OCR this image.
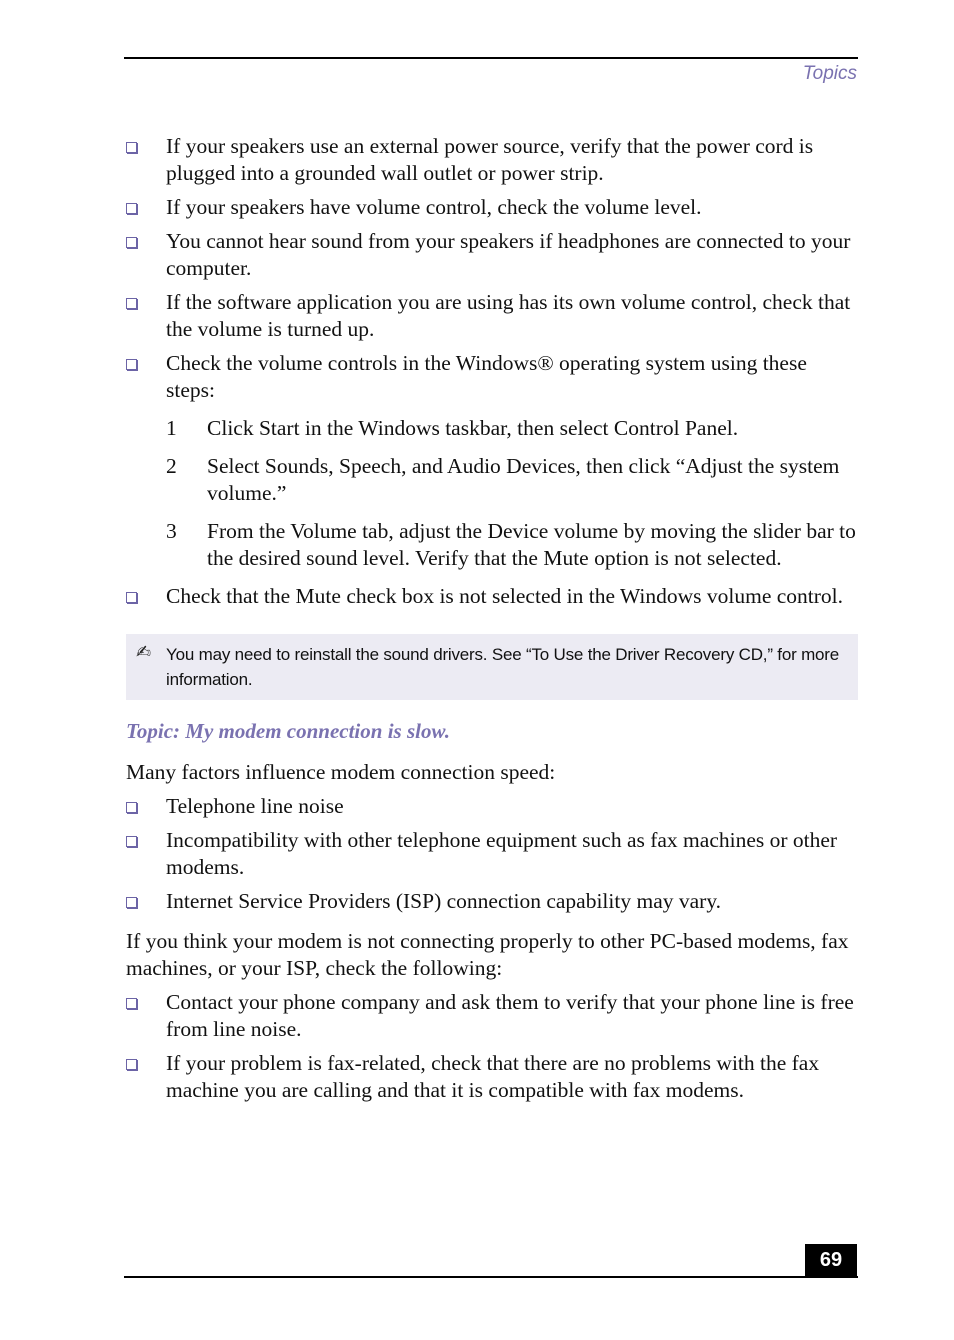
Topics
If your speakers use an external power source, verify that the power cord is plugged into a grounded wall outlet or power strip.
If your speakers have volume control, check the volume level.
You cannot hear sound from your speakers if headphones are connected to your computer.
If the software application you are using has its own volume control, check that the volume is turned up.
Check the volume controls in the Windows® operating system using these steps:
1 Click Start in the Windows taskbar, then select Control Panel.
2 Select Sounds, Speech, and Audio Devices, then click “Adjust the system volume.”
3 From the Volume tab, adjust the Device volume by moving the slider bar to the desired sound level. Verify that the Mute option is not selected.
Check that the Mute check box is not selected in the Windows volume control.
✍ You may need to reinstall the sound drivers. See “To Use the Driver Recovery CD,” for more information.
Topic: My modem connection is slow.
Many factors influence modem connection speed:
Telephone line noise
Incompatibility with other telephone equipment such as fax machines or other modems.
Internet Service Providers (ISP) connection capability may vary.
If you think your modem is not connecting properly to other PC-based modems, fax machines, or your ISP, check the following:
Contact your phone company and ask them to verify that your phone line is free from line noise.
If your problem is fax-related, check that there are no problems with the fax machine you are calling and that it is compatible with fax modems.
69
